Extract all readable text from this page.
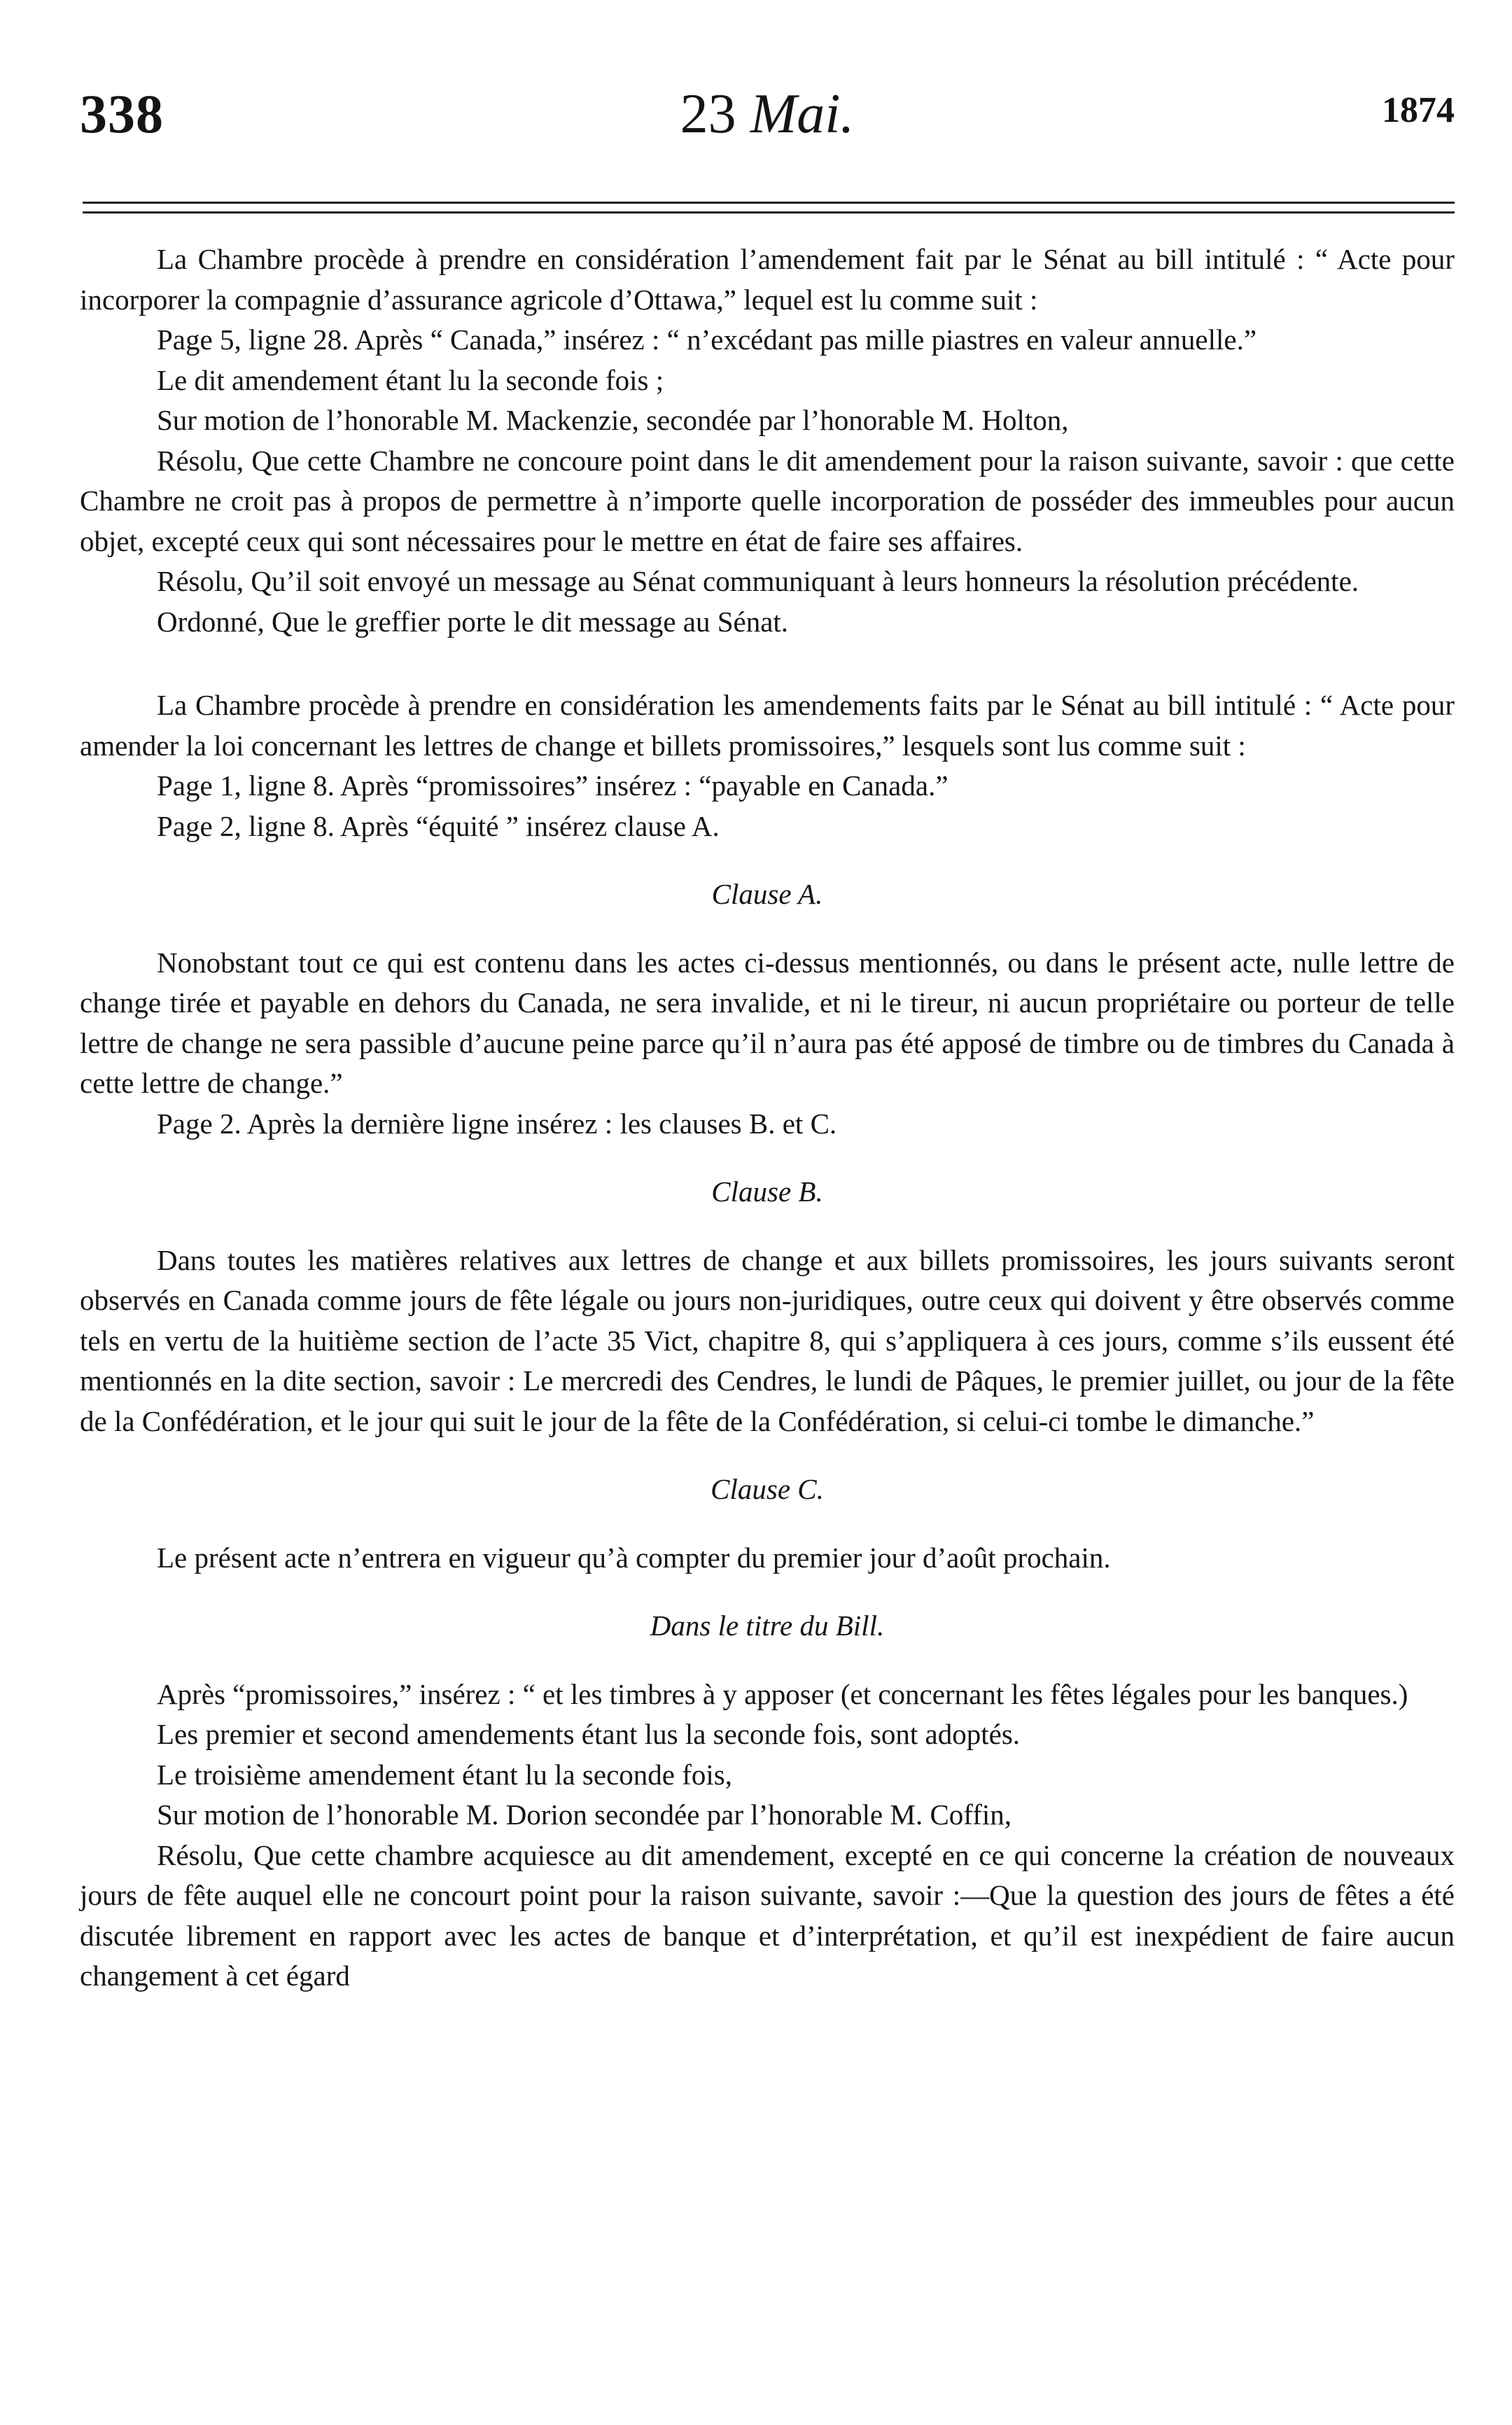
338	23 Mai.	1874

La Chambre procède à prendre en considération l’amendement fait par le Sénat au bill intitulé : “ Acte pour incorporer la compagnie d’assurance agricole d’Ottawa,” lequel est lu comme suit :

Page 5, ligne 28. Après “ Canada,” insérez : “ n’excédant pas mille piastres en valeur annuelle.”

Le dit amendement étant lu la seconde fois ;

Sur motion de l’honorable M. Mackenzie, secondée par l’honorable M. Holton,

Résolu, Que cette Chambre ne concoure point dans le dit amendement pour la raison suivante, savoir : que cette Chambre ne croit pas à propos de permettre à n’importe quelle incorporation de posséder des immeubles pour aucun objet, excepté ceux qui sont nécessaires pour le mettre en état de faire ses affaires.

Résolu, Qu’il soit envoyé un message au Sénat communiquant à leurs honneurs la résolution précédente.

Ordonné, Que le greffier porte le dit message au Sénat.

La Chambre procède à prendre en considération les amendements faits par le Sénat au bill intitulé : “ Acte pour amender la loi concernant les lettres de change et billets promissoires,” lesquels sont lus comme suit :

Page 1, ligne 8. Après “promissoires” insérez : “payable en Canada.”

Page 2, ligne 8. Après “équité ” insérez clause A.

Clause A.

Nonobstant tout ce qui est contenu dans les actes ci-dessus mentionnés, ou dans le présent acte, nulle lettre de change tirée et payable en dehors du Canada, ne sera invalide, et ni le tireur, ni aucun propriétaire ou porteur de telle lettre de change ne sera passible d’aucune peine parce qu’il n’aura pas été apposé de timbre ou de timbres du Canada à cette lettre de change.”

Page 2. Après la dernière ligne insérez : les clauses B. et C.

Clause B.

Dans toutes les matières relatives aux lettres de change et aux billets promissoires, les jours suivants seront observés en Canada comme jours de fête légale ou jours non-juridiques, outre ceux qui doivent y être observés comme tels en vertu de la huitième section de l’acte 35 Vict, chapitre 8, qui s’appliquera à ces jours, comme s’ils eussent été mentionnés en la dite section, savoir : Le mercredi des Cendres, le lundi de Pâques, le premier juillet, ou jour de la fête de la Confédération, et le jour qui suit le jour de la fête de la Confédération, si celui-ci tombe le dimanche.”

Clause C.

Le présent acte n’entrera en vigueur qu’à compter du premier jour d’août prochain.

Dans le titre du Bill.

Après “promissoires,” insérez : “ et les timbres à y apposer (et concernant les fêtes légales pour les banques.)

Les premier et second amendements étant lus la seconde fois, sont adoptés.

Le troisième amendement étant lu la seconde fois,

Sur motion de l’honorable M. Dorion secondée par l’honorable M. Coffin,

Résolu, Que cette chambre acquiesce au dit amendement, excepté en ce qui concerne la création de nouveaux jours de fête auquel elle ne concourt point pour la raison suivante, savoir :—Que la question des jours de fêtes a été discutée librement en rapport avec les actes de banque et d’interprétation, et qu’il est inexpédient de faire aucun changement à cet égard
